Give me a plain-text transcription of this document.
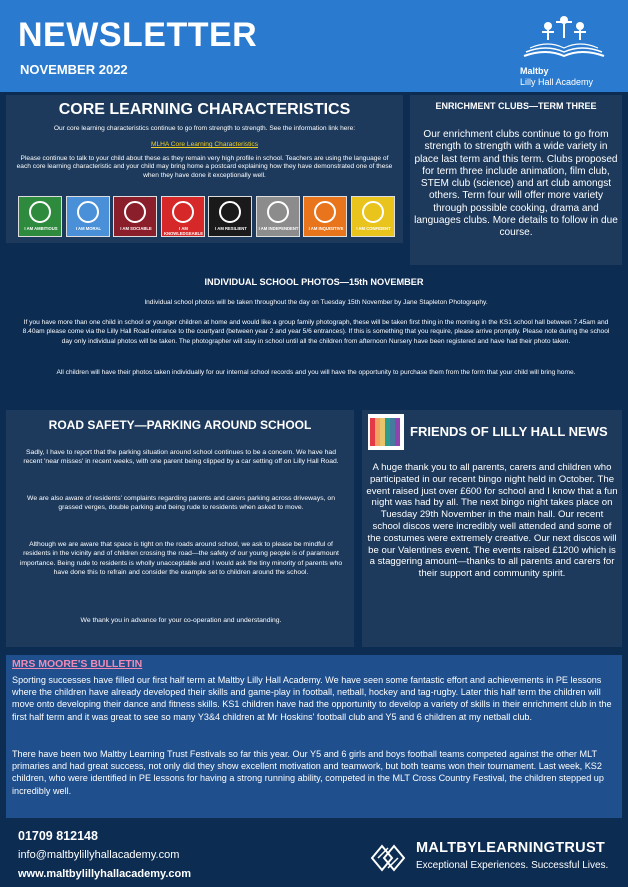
NEWSLETTER
NOVEMBER 2022	Maltby
Lilly Hall Academy
CORE LEARNING CHARACTERISTICS

Our core learning characteristics continue to go from strength to strength. See the information link here:

MLHA Core Learning Characteristics

Please continue to talk to your child about these as they remain very high profile in school. Teachers are using the language of each core learning characteristic and your child may bring home a postcard explaining how they have demonstrated one of these when they have done it exceptionally well.

I AM AMBITIOUS	I AM MORAL	I AM SOCIABLE	I AM KNOWLEDGEABLE
I AM RESILIENT	I AM INDEPENDENT	I AM INQUISITIVE	I AM CONFIDENT
ENRICHMENT CLUBS—TERM THREE

Our enrichment clubs continue to go from strength to strength with a wide variety in place last term and this term. Clubs proposed for term three include animation, film club, STEM club (science) and art club amongst others. Term four will offer more variety through possible cooking, drama and languages clubs. More details to follow in due course.

INDIVIDUAL SCHOOL PHOTOS—15th NOVEMBER

Individual school photos will be taken throughout the day on Tuesday 15th November by Jane Stapleton Photography.

If you have more than one child in school or younger children at home and would like a group family photograph, these will be taken first thing in the morning in the KS1 school hall between 7.45am and 8.40am please come via the Lilly Hall Road entrance to the courtyard (between year 2 and year 5/6 entrances). If this is something that you require, please arrive promptly. Please note during the school day only individual photos will be taken. The photographer will stay in school until all the children from afternoon Nursery have been registered and have had their photo taken.

All children will have their photos taken individually for our internal school records and you will have the opportunity to purchase them from the form that your child will bring home.

ROAD SAFETY—PARKING AROUND SCHOOL

Sadly, I have to report that the parking situation around school continues to be a concern. We have had recent 'near misses' in recent weeks, with one parent being clipped by a car setting off on Lilly Hall Road.

We are also aware of residents' complaints regarding parents and carers parking across driveways, on grassed verges, double parking and being rude to residents when asked to move.

Although we are aware that space is tight on the roads around school, we ask to please be mindful of residents in the vicinity and of children crossing the road—the safety of our young people is of paramount importance. Being rude to residents is wholly unacceptable and I would ask the tiny minority of parents who have done this to refrain and consider the example set to children around the school.

We thank you in advance for your co-operation and understanding.

FRIENDS OF LILLY HALL NEWS

A huge thank you to all parents, carers and children who participated in our recent bingo night held in October. The event raised just over £600 for school and I know that a fun night was had by all. The next bingo night takes place on Tuesday 29th November in the main hall. Our recent school discos were incredibly well attended and some of the costumes were extremely creative. Our next discos will be our Valentines event. The events raised £1200 which is a staggering amount—thanks to all parents and carers for their support and community spirit.

MRS MOORE'S BULLETIN

Sporting successes have filled our first half term at Maltby Lilly Hall Academy. We have seen some fantastic effort and achievements in PE lessons where the children have already developed their skills and game-play in football, netball, hockey and tag-rugby. Later this half term the children will move onto developing their dance and fitness skills. KS1 children have had the opportunity to develop a variety of skills in their enrichment club in the first half term and it was great to see so many Y3&4 children at Mr Hoskins' football club and Y5 and 6 children at my netball club.

There have been two Maltby Learning Trust Festivals so far this year. Our Y5 and 6 girls and boys football teams competed against the other MLT primaries and had great success, not only did they show excellent motivation and teamwork, but both teams won their tournament. Last week, KS2 children, who were identified in PE lessons for having a strong running ability, competed in the MLT Cross Country Festival, the children stepped up incredibly well.

01709 812148
info@maltbylillyhallacademy.com
www.maltbylillyhallacademy.com
MALTBYLEARNINGTRUST
Exceptional Experiences. Successful Lives.
